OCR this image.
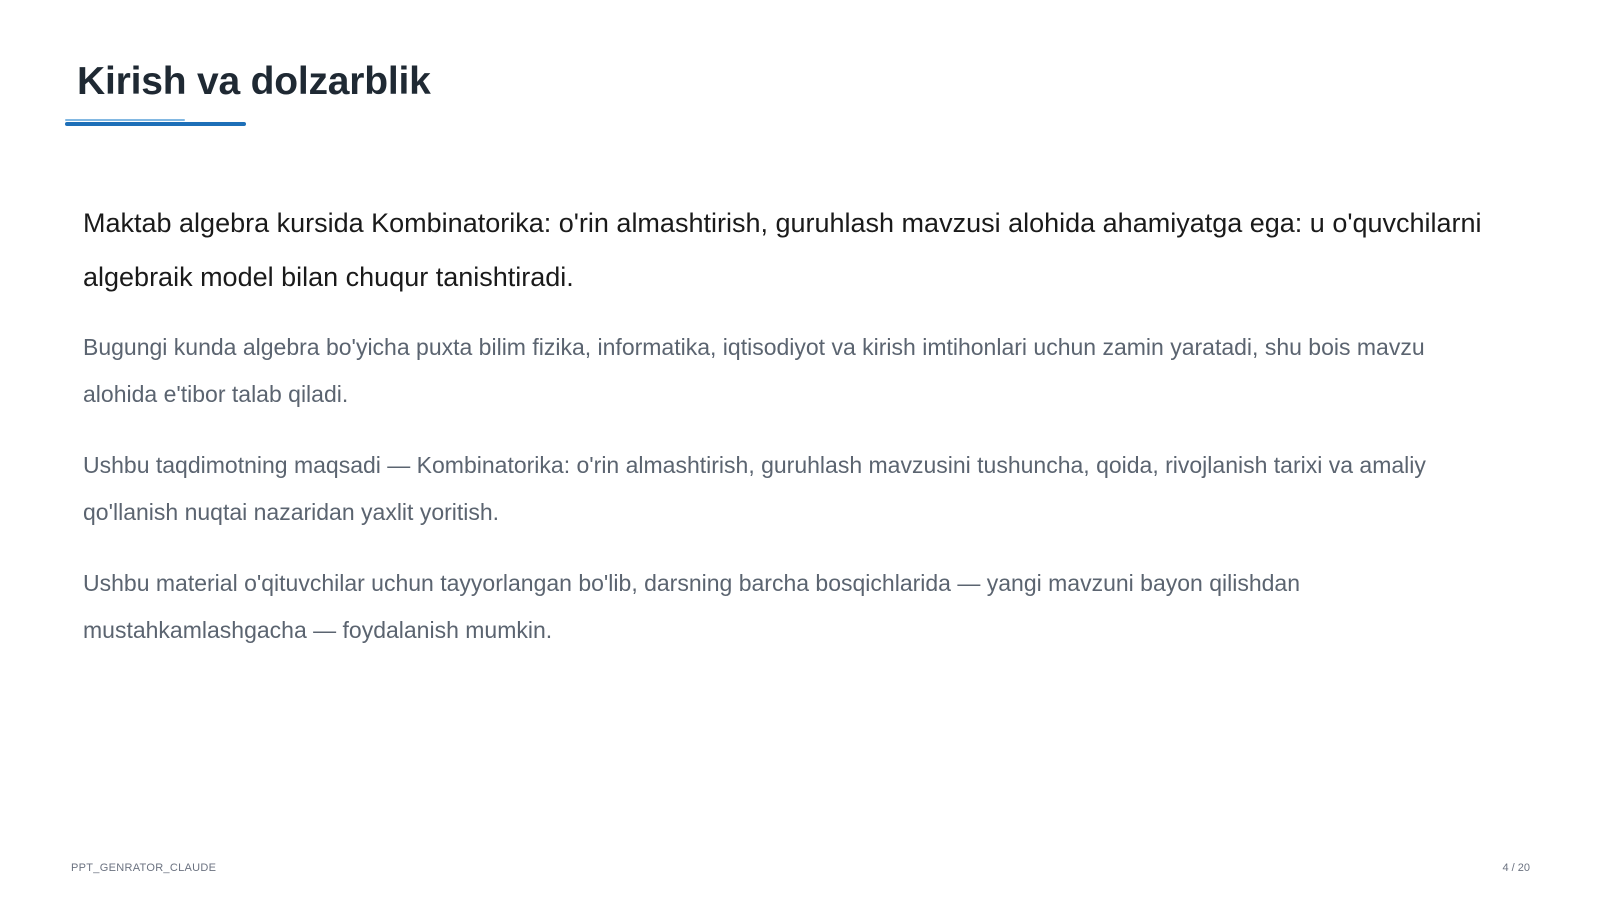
Kirish va dolzarblik

Maktab algebra kursida Kombinatorika: o'rin almashtirish, guruhlash mavzusi alohida ahamiyatga ega: u o'quvchilarni algebraik model bilan chuqur tanishtiradi.

Bugungi kunda algebra bo'yicha puxta bilim fizika, informatika, iqtisodiyot va kirish imtihonlari uchun zamin yaratadi, shu bois mavzu alohida e'tibor talab qiladi.

Ushbu taqdimotning maqsadi — Kombinatorika: o'rin almashtirish, guruhlash mavzusini tushuncha, qoida, rivojlanish tarixi va amaliy qo'llanish nuqtai nazaridan yaxlit yoritish.

Ushbu material o'qituvchilar uchun tayyorlangan bo'lib, darsning barcha bosqichlarida — yangi mavzuni bayon qilishdan mustahkamlashgacha — foydalanish mumkin.

PPT_GENRATOR_CLAUDE	4 / 20
